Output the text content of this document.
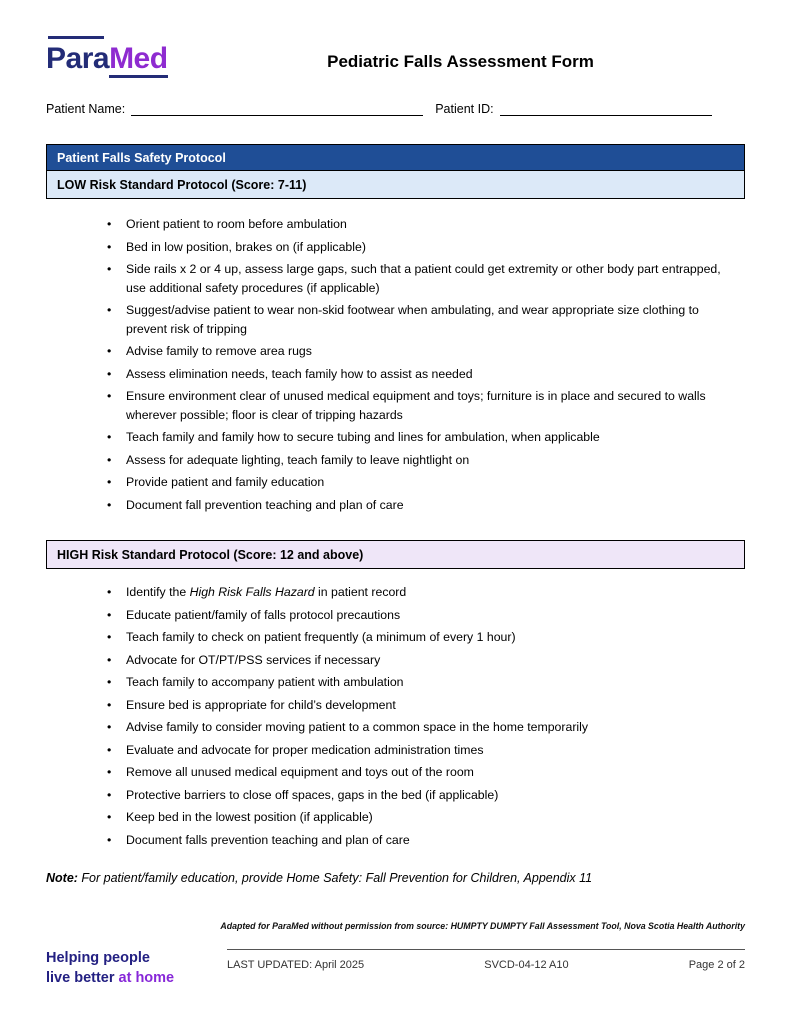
ParaMed	Pediatric Falls Assessment Form
Patient Name:	Patient ID:
Patient Falls Safety Protocol
LOW Risk Standard Protocol (Score: 7-11)
• Orient patient to room before ambulation
• Bed in low position, brakes on (if applicable)
• Side rails x 2 or 4 up, assess large gaps, such that a patient could get extremity or other body part entrapped, use additional safety procedures (if applicable)
• Suggest/advise patient to wear non-skid footwear when ambulating, and wear appropriate size clothing to prevent risk of tripping
• Advise family to remove area rugs
• Assess elimination needs, teach family how to assist as needed
• Ensure environment clear of unused medical equipment and toys; furniture is in place and secured to walls wherever possible; floor is clear of tripping hazards
• Teach family and family how to secure tubing and lines for ambulation, when applicable
• Assess for adequate lighting, teach family to leave nightlight on
• Provide patient and family education
• Document fall prevention teaching and plan of care
HIGH Risk Standard Protocol (Score: 12 and above)
• Identify the High Risk Falls Hazard in patient record
• Educate patient/family of falls protocol precautions
• Teach family to check on patient frequently (a minimum of every 1 hour)
• Advocate for OT/PT/PSS services if necessary
• Teach family to accompany patient with ambulation
• Ensure bed is appropriate for child’s development
• Advise family to consider moving patient to a common space in the home temporarily
• Evaluate and advocate for proper medication administration times
• Remove all unused medical equipment and toys out of the room
• Protective barriers to close off spaces, gaps in the bed (if applicable)
• Keep bed in the lowest position (if applicable)
• Document falls prevention teaching and plan of care
Note: For patient/family education, provide Home Safety: Fall Prevention for Children, Appendix 11
Adapted for ParaMed without permission from source: HUMPTY DUMPTY Fall Assessment Tool, Nova Scotia Health Authority
Helping people
live better at home
LAST UPDATED: April 2025	SVCD-04-12 A10	Page 2 of 2
